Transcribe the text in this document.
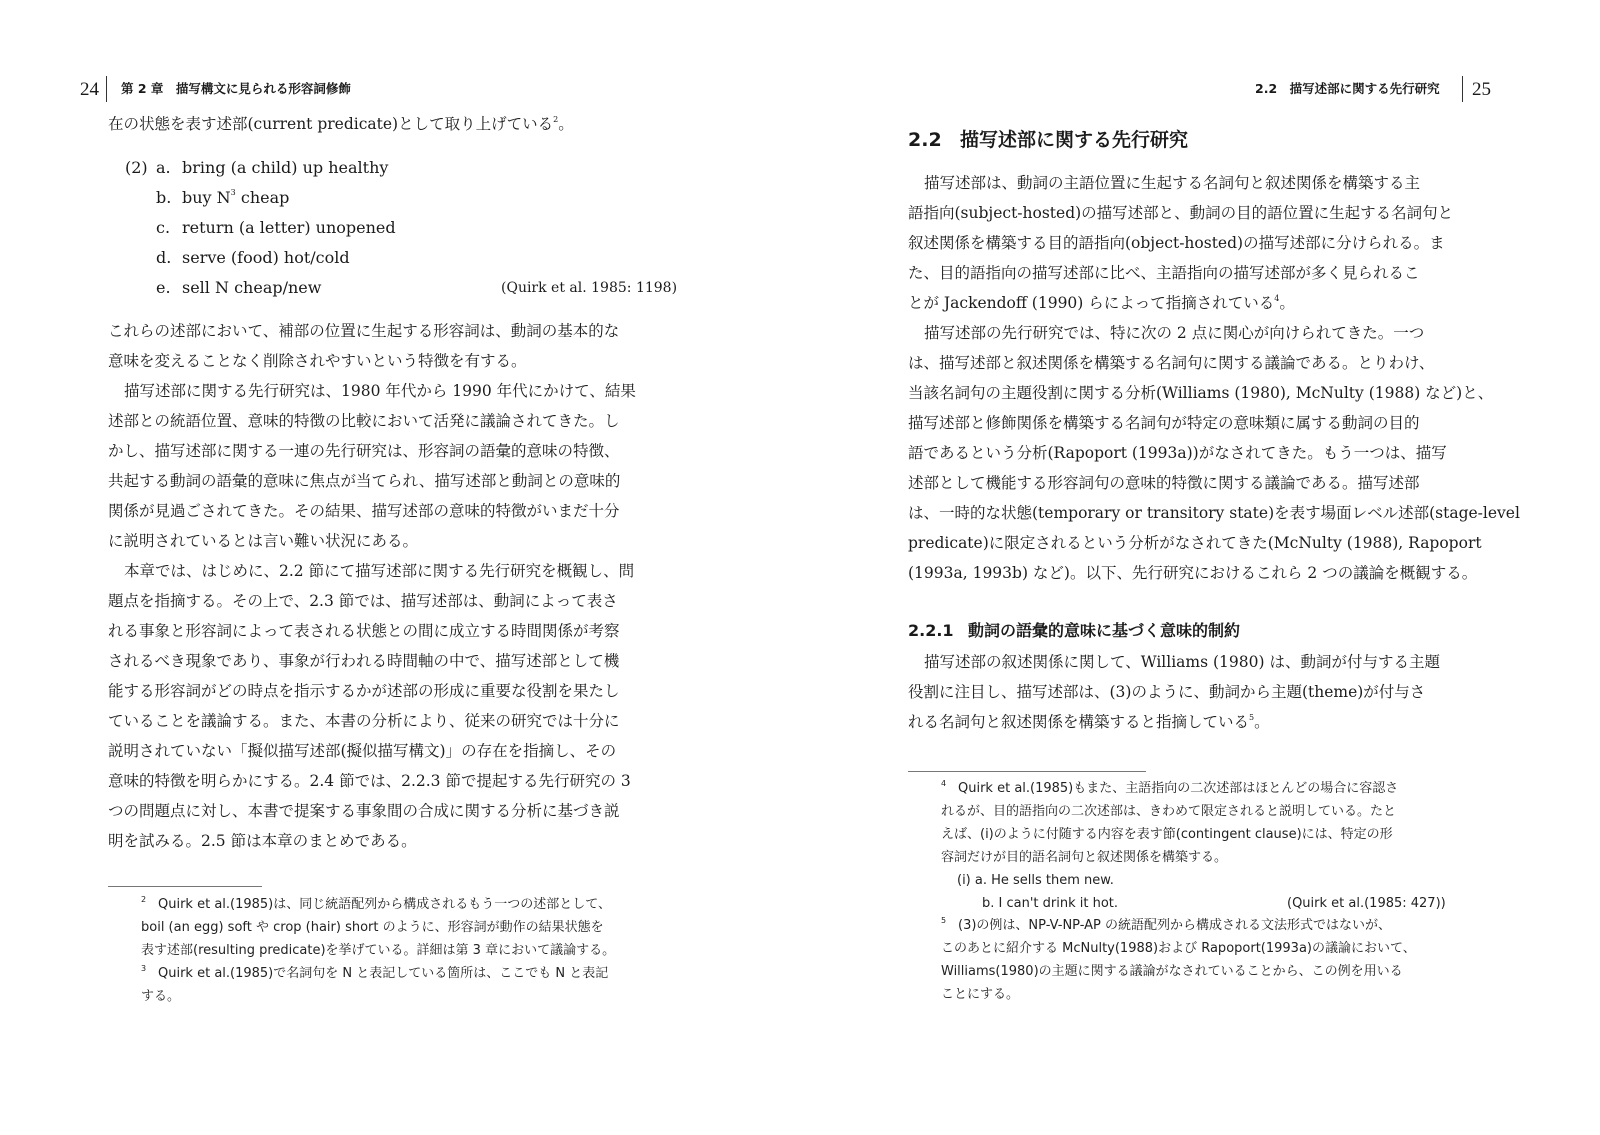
24 第 2 章　描写構文に見られる形容詞修飾
在の状態を表す述部(current predicate)として取り上げている$^2$。
(2) a. bring (a child) up healthy
b. buy $N^3$ cheap
c. return (a letter) unopened
d. serve (food) hot/cold
e. sell N cheap/new	(Quirk et al. 1985: 1198)
これらの述部において、補部の位置に生起する形容詞は、動詞の基本的な
意味を変えることなく削除されやすいという特徴を有する。
描写述部に関する先行研究は、1980 年代から 1990 年代にかけて、結果
述部との統語位置、意味的特徴の比較において活発に議論されてきた。し
かし、描写述部に関する一連の先行研究は、形容詞の語彙的意味の特徴、
共起する動詞の語彙的意味に焦点が当てられ、描写述部と動詞との意味的
関係が見過ごされてきた。その結果、描写述部の意味的特徴がいまだ十分
に説明されているとは言い難い状況にある。
本章では、はじめに、2.2 節にて描写述部に関する先行研究を概観し、問
題点を指摘する。その上で、2.3 節では、描写述部は、動詞によって表さ
れる事象と形容詞によって表される状態との間に成立する時間関係が考察
されるべき現象であり、事象が行われる時間軸の中で、描写述部として機
能する形容詞がどの時点を指示するかが述部の形成に重要な役割を果たし
ていることを議論する。また、本書の分析により、従来の研究では十分に
説明されていない「擬似描写述部(擬似描写構文)」の存在を指摘し、その
意味的特徴を明らかにする。2.4 節では、2.2.3 節で提起する先行研究の 3
つの問題点に対し、本書で提案する事象間の合成に関する分析に基づき説
明を試みる。2.5 節は本章のまとめである。
2 Quirk et al.(1985)は、同じ統語配列から構成されるもう一つの述部として、
boil (an egg) soft や crop (hair) short のように、形容詞が動作の結果状態を
表す述部(resulting predicate)を挙げている。詳細は第 3 章において議論する。
3 Quirk et al.(1985)で名詞句を N と表記している箇所は、ここでも N と表記
する。
2.2　描写述部に関する先行研究 25
2.2 描写述部に関する先行研究
描写述部は、動詞の主語位置に生起する名詞句と叙述関係を構築する主
語指向(subject-hosted)の描写述部と、動詞の目的語位置に生起する名詞句と
叙述関係を構築する目的語指向(object-hosted)の描写述部に分けられる。ま
た、目的語指向の描写述部に比べ、主語指向の描写述部が多く見られるこ
とが Jackendoff (1990) らによって指摘されている$^4$。
描写述部の先行研究では、特に次の 2 点に関心が向けられてきた。一つ
は、描写述部と叙述関係を構築する名詞句に関する議論である。とりわけ、
当該名詞句の主題役割に関する分析(Williams (1980), McNulty (1988) など)と、
描写述部と修飾関係を構築する名詞句が特定の意味類に属する動詞の目的
語であるという分析(Rapoport (1993a))がなされてきた。もう一つは、描写
述部として機能する形容詞句の意味的特徴に関する議論である。描写述部
は、一時的な状態(temporary or transitory state)を表す場面レベル述部(stage-level
predicate)に限定されるという分析がなされてきた(McNulty (1988), Rapoport
(1993a, 1993b) など)。以下、先行研究におけるこれら 2 つの議論を概観する。
2.2.1 動詞の語彙的意味に基づく意味的制約
描写述部の叙述関係に関して、Williams (1980) は、動詞が付与する主題
役割に注目し、描写述部は、(3)のように、動詞から主題(theme)が付与さ
れる名詞句と叙述関係を構築すると指摘している$^5$。
4 Quirk et al.(1985)もまた、主語指向の二次述部はほとんどの場合に容認さ
れるが、目的語指向の二次述部は、きわめて限定されると説明している。たと
えば、(i)のように付随する内容を表す節(contingent clause)には、特定の形
容詞だけが目的語名詞句と叙述関係を構築する。
(i) a. He sells them new.
b. I can't drink it hot.	(Quirk et al.(1985: 427))
5 (3)の例は、NP-V-NP-AP の統語配列から構成される文法形式ではないが、
このあとに紹介する McNulty(1988)および Rapoport(1993a)の議論において、
Williams(1980)の主題に関する議論がなされていることから、この例を用いる
ことにする。
